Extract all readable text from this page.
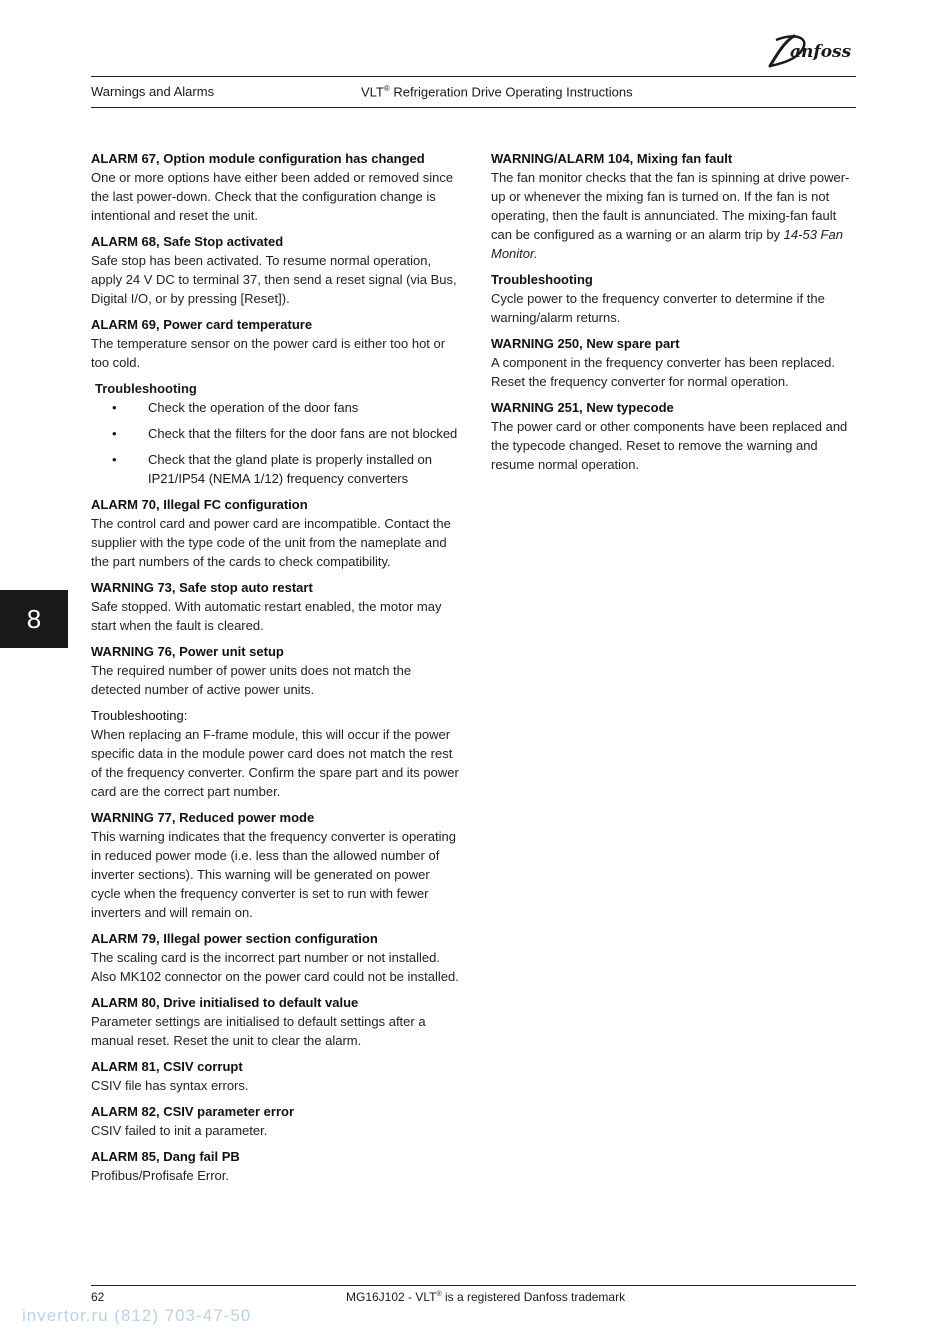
anfoss
Warnings and Alarms	VLT® Refrigeration Drive Operating Instructions
8
ALARM 67, Option module configuration has changed
One or more options have either been added or removed since the last power-down. Check that the configuration change is intentional and reset the unit.
ALARM 68, Safe Stop activated
Safe stop has been activated. To resume normal operation, apply 24 V DC to terminal 37, then send a reset signal (via Bus, Digital I/O, or by pressing [Reset]).
ALARM 69, Power card temperature
The temperature sensor on the power card is either too hot or too cold.
Troubleshooting
• Check the operation of the door fans
• Check that the filters for the door fans are not blocked
• Check that the gland plate is properly installed on IP21/IP54 (NEMA 1/12) frequency converters
ALARM 70, Illegal FC configuration
The control card and power card are incompatible. Contact the supplier with the type code of the unit from the nameplate and the part numbers of the cards to check compatibility.
WARNING 73, Safe stop auto restart
Safe stopped. With automatic restart enabled, the motor may start when the fault is cleared.
WARNING 76, Power unit setup
The required number of power units does not match the detected number of active power units.
Troubleshooting:
When replacing an F-frame module, this will occur if the power specific data in the module power card does not match the rest of the frequency converter. Confirm the spare part and its power card are the correct part number.
WARNING 77, Reduced power mode
This warning indicates that the frequency converter is operating in reduced power mode (i.e. less than the allowed number of inverter sections). This warning will be generated on power cycle when the frequency converter is set to run with fewer inverters and will remain on.
ALARM 79, Illegal power section configuration
The scaling card is the incorrect part number or not installed. Also MK102 connector on the power card could not be installed.
ALARM 80, Drive initialised to default value
Parameter settings are initialised to default settings after a manual reset. Reset the unit to clear the alarm.
ALARM 81, CSIV corrupt
CSIV file has syntax errors.
ALARM 82, CSIV parameter error
CSIV failed to init a parameter.
ALARM 85, Dang fail PB
Profibus/Profisafe Error.
WARNING/ALARM 104, Mixing fan fault
The fan monitor checks that the fan is spinning at drive power-up or whenever the mixing fan is turned on. If the fan is not operating, then the fault is annunciated. The mixing-fan fault can be configured as a warning or an alarm trip by 14-53 Fan Monitor.
Troubleshooting
Cycle power to the frequency converter to determine if the warning/alarm returns.
WARNING 250, New spare part
A component in the frequency converter has been replaced. Reset the frequency converter for normal operation.
WARNING 251, New typecode
The power card or other components have been replaced and the typecode changed. Reset to remove the warning and resume normal operation.
62	MG16J102 - VLT® is a registered Danfoss trademark
invertor.ru (812) 703-47-50
